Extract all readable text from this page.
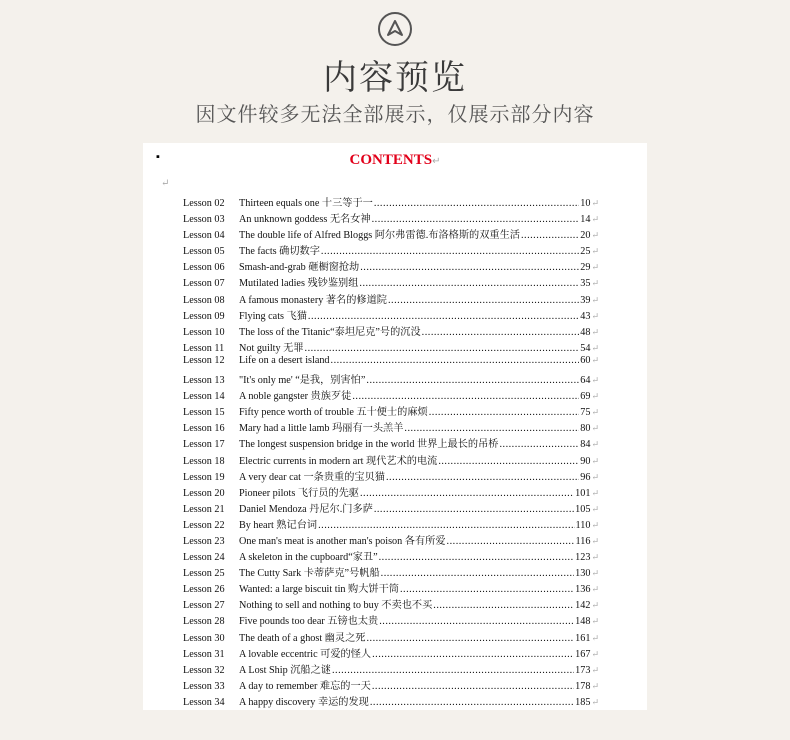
内容预览
因文件较多无法全部展示，仅展示部分内容
▪	CONTENTS↵
↵
Lesson 02	Thirteen equals one 十三等于一 .....	10 ↵
Lesson 03	An unknown goddess 无名女神 .....	14 ↵
Lesson 04	The double life of Alfred Bloggs 阿尔弗雷德.布洛格斯的双重生活 .....	20 ↵
Lesson 05	The facts 确切数字 .....	25 ↵
Lesson 06	Smash-and-grab 砸橱窗抢劫 .....	29 ↵
Lesson 07	Mutilated ladies 残钞鉴别组 .....	35 ↵
Lesson 08	A famous monastery 著名的修道院 .....	39 ↵
Lesson 09	Flying cats 飞猫 .....	43 ↵
Lesson 10	The loss of the Titanic“泰坦尼克”号的沉没 .....	48 ↵
Lesson 11	Not guilty 无罪 .....	54 ↵
Lesson 12	Life on a desert island .....	60 ↵
Lesson 13	"It's only me' “是我，别害怕” .....	64 ↵
Lesson 14	A noble gangster 贵族歹徒 .....	69 ↵
Lesson 15	Fifty pence worth of trouble 五十便士的麻烦 .....	75 ↵
Lesson 16	Mary had a little lamb 玛丽有一头羔羊 .....	80 ↵
Lesson 17	The longest suspension bridge in the world 世界上最长的吊桥 .....	84 ↵
Lesson 18	Electric currents in modern art 现代艺术的电流 .....	90 ↵
Lesson 19	A very dear cat 一条贵重的宝贝猫 .....	96 ↵
Lesson 20	Pioneer pilots 飞行员的先驱 .....	101 ↵
Lesson 21	Daniel Mendoza 丹尼尔.门多萨 .....	105 ↵
Lesson 22	By heart 熟记台词 .....	110 ↵
Lesson 23	One man's meat is another man's poison 各有所爱 .....	116 ↵
Lesson 24	A skeleton in the cupboard“家丑” .....	123 ↵
Lesson 25	The Cutty Sark 卡蒂萨克”号帆船 .....	130 ↵
Lesson 26	Wanted: a large biscuit tin 购大饼干筒 .....	136 ↵
Lesson 27	Nothing to sell and nothing to buy 不卖也不买 .....	142 ↵
Lesson 28	Five pounds too dear 五镑也太贵 .....	148 ↵
Lesson 30	The death of a ghost 幽灵之死 .....	161 ↵
Lesson 31	A lovable eccentric 可爱的怪人 .....	167 ↵
Lesson 32	A Lost Ship 沉船之谜 .....	173 ↵
Lesson 33	A day to remember 难忘的一天 .....	178 ↵
Lesson 34	A happy discovery 幸运的发现 .....	185 ↵
